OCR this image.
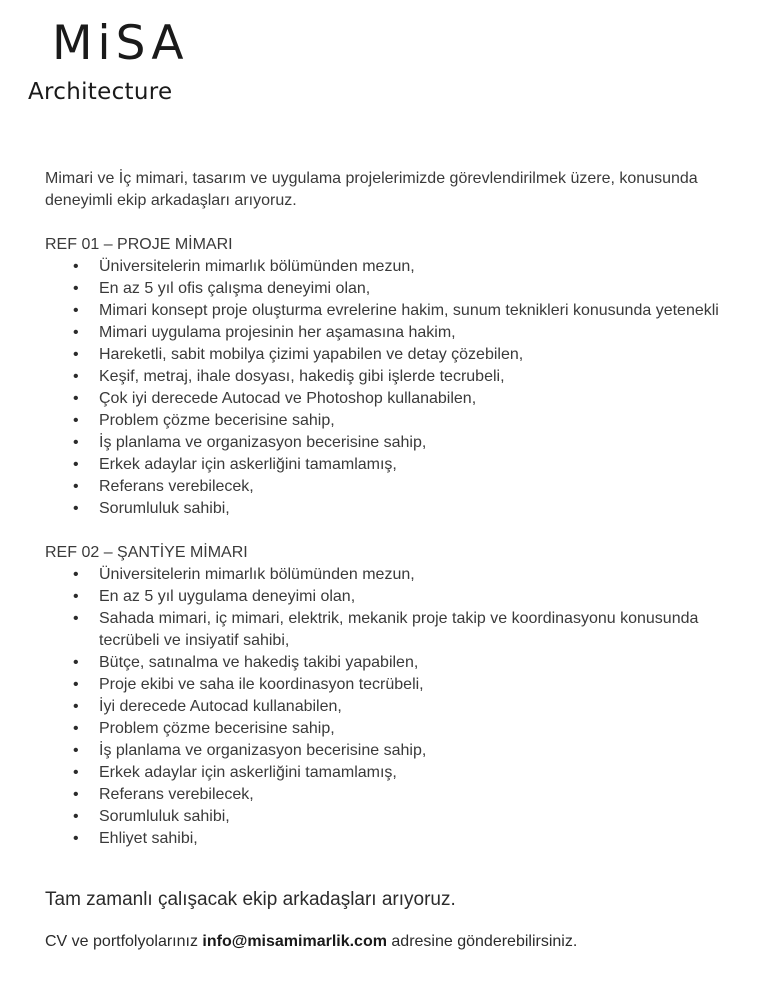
MiSA
Architecture

Mimari ve İç mimari, tasarım ve uygulama projelerimizde görevlendirilmek üzere, konusunda deneyimli ekip arkadaşları arıyoruz.

REF 01 – PROJE MİMARI
• Üniversitelerin mimarlık bölümünden mezun,
• En az 5 yıl ofis çalışma deneyimi olan,
• Mimari konsept proje oluşturma evrelerine hakim, sunum teknikleri konusunda yetenekli
• Mimari uygulama projesinin her aşamasına hakim,
• Hareketli, sabit mobilya çizimi yapabilen ve detay çözebilen,
• Keşif, metraj, ihale dosyası, hakediş gibi işlerde tecrubeli,
• Çok iyi derecede Autocad ve Photoshop kullanabilen,
• Problem çözme becerisine sahip,
• İş planlama ve organizasyon becerisine sahip,
• Erkek adaylar için askerliğini tamamlamış,
• Referans verebilecek,
• Sorumluluk sahibi,
REF 02 – ŞANTİYE MİMARI
• Üniversitelerin mimarlık bölümünden mezun,
• En az 5 yıl uygulama deneyimi olan,
• Sahada mimari, iç mimari, elektrik, mekanik proje takip ve koordinasyonu konusunda tecrübeli ve insiyatif sahibi,
• Bütçe, satınalma ve hakediş takibi yapabilen,
• Proje ekibi ve saha ile koordinasyon tecrübeli,
• İyi derecede Autocad kullanabilen,
• Problem çözme becerisine sahip,
• İş planlama ve organizasyon becerisine sahip,
• Erkek adaylar için askerliğini tamamlamış,
• Referans verebilecek,
• Sorumluluk sahibi,
• Ehliyet sahibi,
Tam zamanlı çalışacak ekip arkadaşları arıyoruz.
CV ve portfolyolarınız info@misamimarlik.com adresine gönderebilirsiniz.
